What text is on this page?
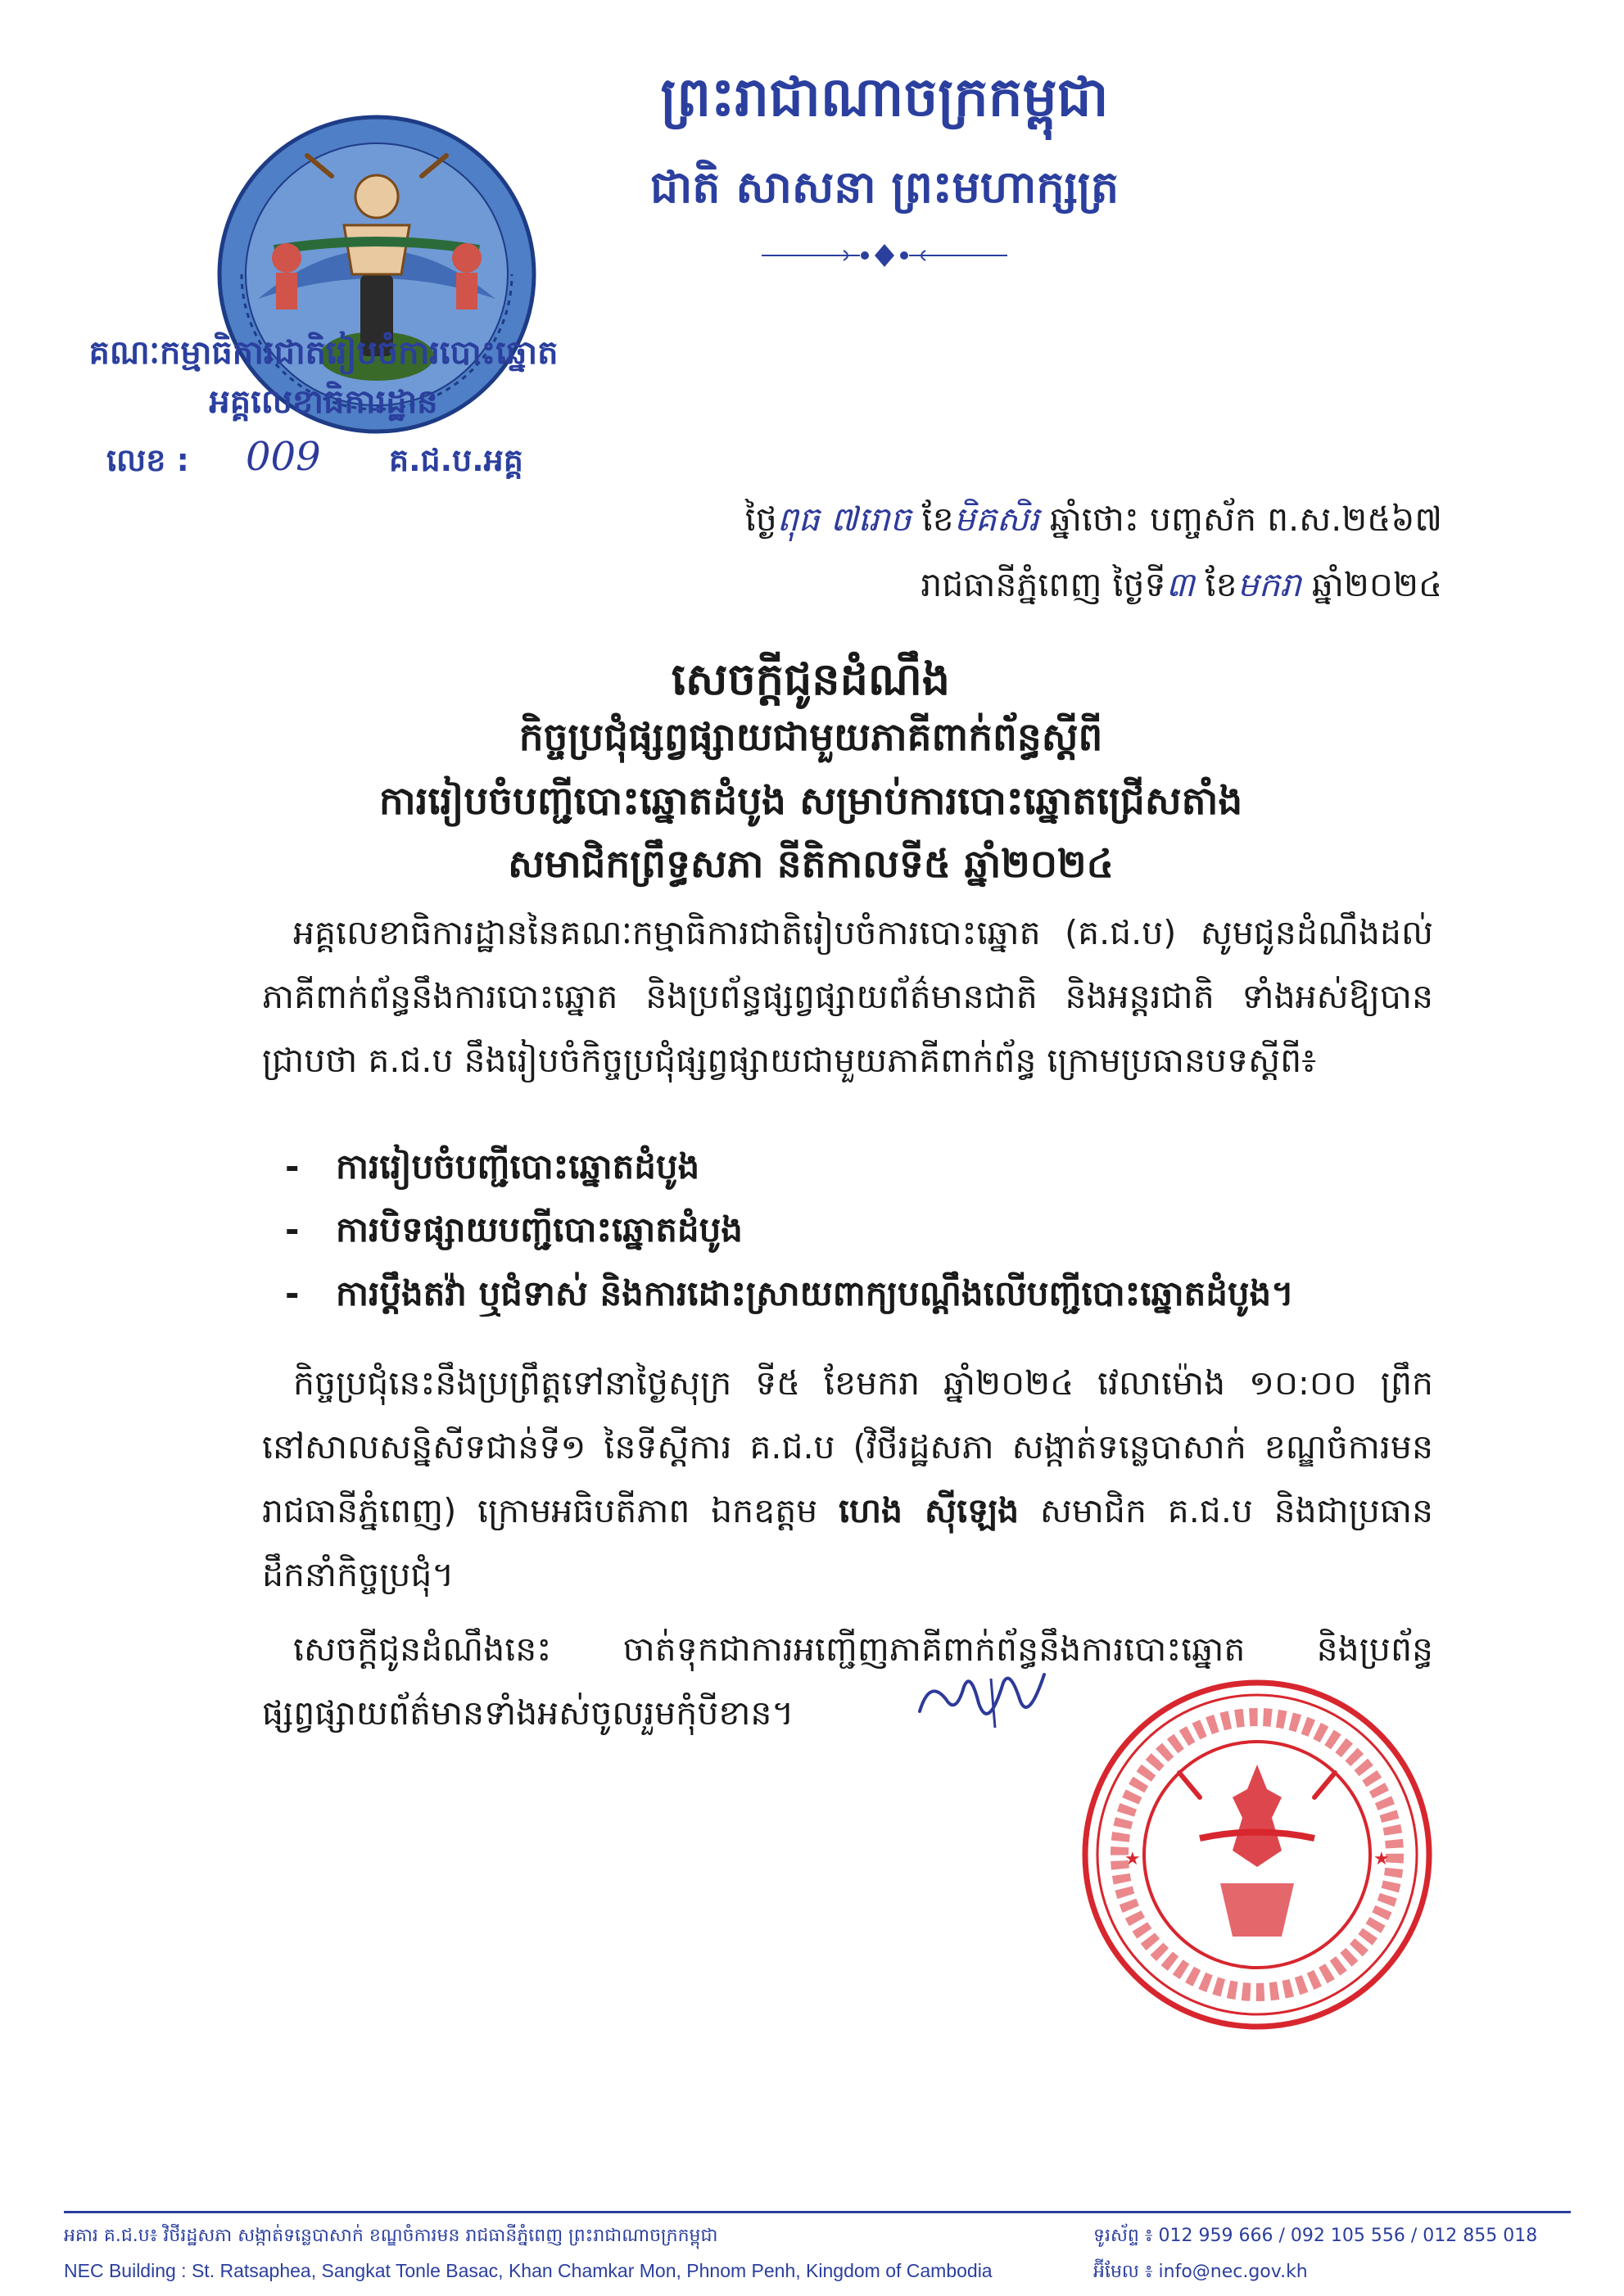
ព្រះរាជាណាចក្រកម្ពុជា
ជាតិ សាសនា ព្រះមហាក្សត្រ
គណៈកម្មាធិការជាតិរៀបចំការបោះឆ្នោត
អគ្គលេខាធិការដ្ឋាន
លេខ : 009 គ.ជ.ប.អគ្គ
ថ្ងៃពុធ ៧រោច ខែមិគសិរ ឆ្នាំថោះ បញ្ចស័ក ព.ស.២៥៦៧
រាជធានីភ្នំពេញ ថ្ងៃទី៣ ខែមករា ឆ្នាំ២០២៤
សេចក្តីជូនដំណឹង
កិច្ចប្រជុំផ្សព្វផ្សាយជាមួយភាគីពាក់ព័ន្ធស្តីពី
ការរៀបចំបញ្ជីបោះឆ្នោតដំបូង សម្រាប់ការបោះឆ្នោតជ្រើសតាំង
សមាជិកព្រឹទ្ធសភា នីតិកាលទី៥ ឆ្នាំ២០២៤
អគ្គលេខាធិការដ្ឋាននៃគណៈកម្មាធិការជាតិរៀបចំការបោះឆ្នោត (គ.ជ.ប) សូមជូនដំណឹងដល់ភាគីពាក់ព័ន្ធនឹងការបោះឆ្នោត និងប្រព័ន្ធផ្សព្វផ្សាយព័ត៌មានជាតិ និងអន្តរជាតិ ទាំងអស់ឱ្យបានជ្រាបថា គ.ជ.ប នឹងរៀបចំកិច្ចប្រជុំផ្សព្វផ្សាយជាមួយភាគីពាក់ព័ន្ធ ក្រោមប្រធានបទស្តីពី៖
- ការរៀបចំបញ្ជីបោះឆ្នោតដំបូង
- ការបិទផ្សាយបញ្ជីបោះឆ្នោតដំបូង
- ការប្តឹងតវ៉ា ឬជំទាស់ និងការដោះស្រាយពាក្យបណ្តឹងលើបញ្ជីបោះឆ្នោតដំបូង។
កិច្ចប្រជុំនេះនឹងប្រព្រឹត្តទៅនាថ្ងៃសុក្រ ទី៥ ខែមករា ឆ្នាំ២០២៤ វេលាម៉ោង ១០:០០ ព្រឹក នៅសាលសន្និសីទជាន់ទី១ នៃទីស្តីការ គ.ជ.ប (វិថីរដ្ឋសភា សង្កាត់ទន្លេបាសាក់ ខណ្ឌចំការមន រាជធានីភ្នំពេញ) ក្រោមអធិបតីភាព ឯកឧត្តម ហេង ស៊ីឡេង សមាជិក គ.ជ.ប និងជាប្រធានដឹកនាំកិច្ចប្រជុំ។
សេចក្តីជូនដំណឹងនេះ ចាត់ទុកជាការអញ្ជើញភាគីពាក់ព័ន្ធនឹងការបោះឆ្នោត និងប្រព័ន្ធផ្សព្វផ្សាយព័ត៌មានទាំងអស់ចូលរួមកុំបីខាន។
★	★
អគារ គ.ជ.ប៖ វិថីរដ្ឋសភា សង្កាត់ទន្លេបាសាក់ ខណ្ឌចំការមន រាជធានីភ្នំពេញ ព្រះរាជាណាចក្រកម្ពុជា
NEC Building : St. Ratsaphea, Sangkat Tonle Basac, Khan Chamkar Mon, Phnom Penh, Kingdom of Cambodia
ទូរស័ព្ទ ៖ 012 959 666 / 092 105 556 / 012 855 018
អ៊ីមែល ៖ info@nec.gov.kh
